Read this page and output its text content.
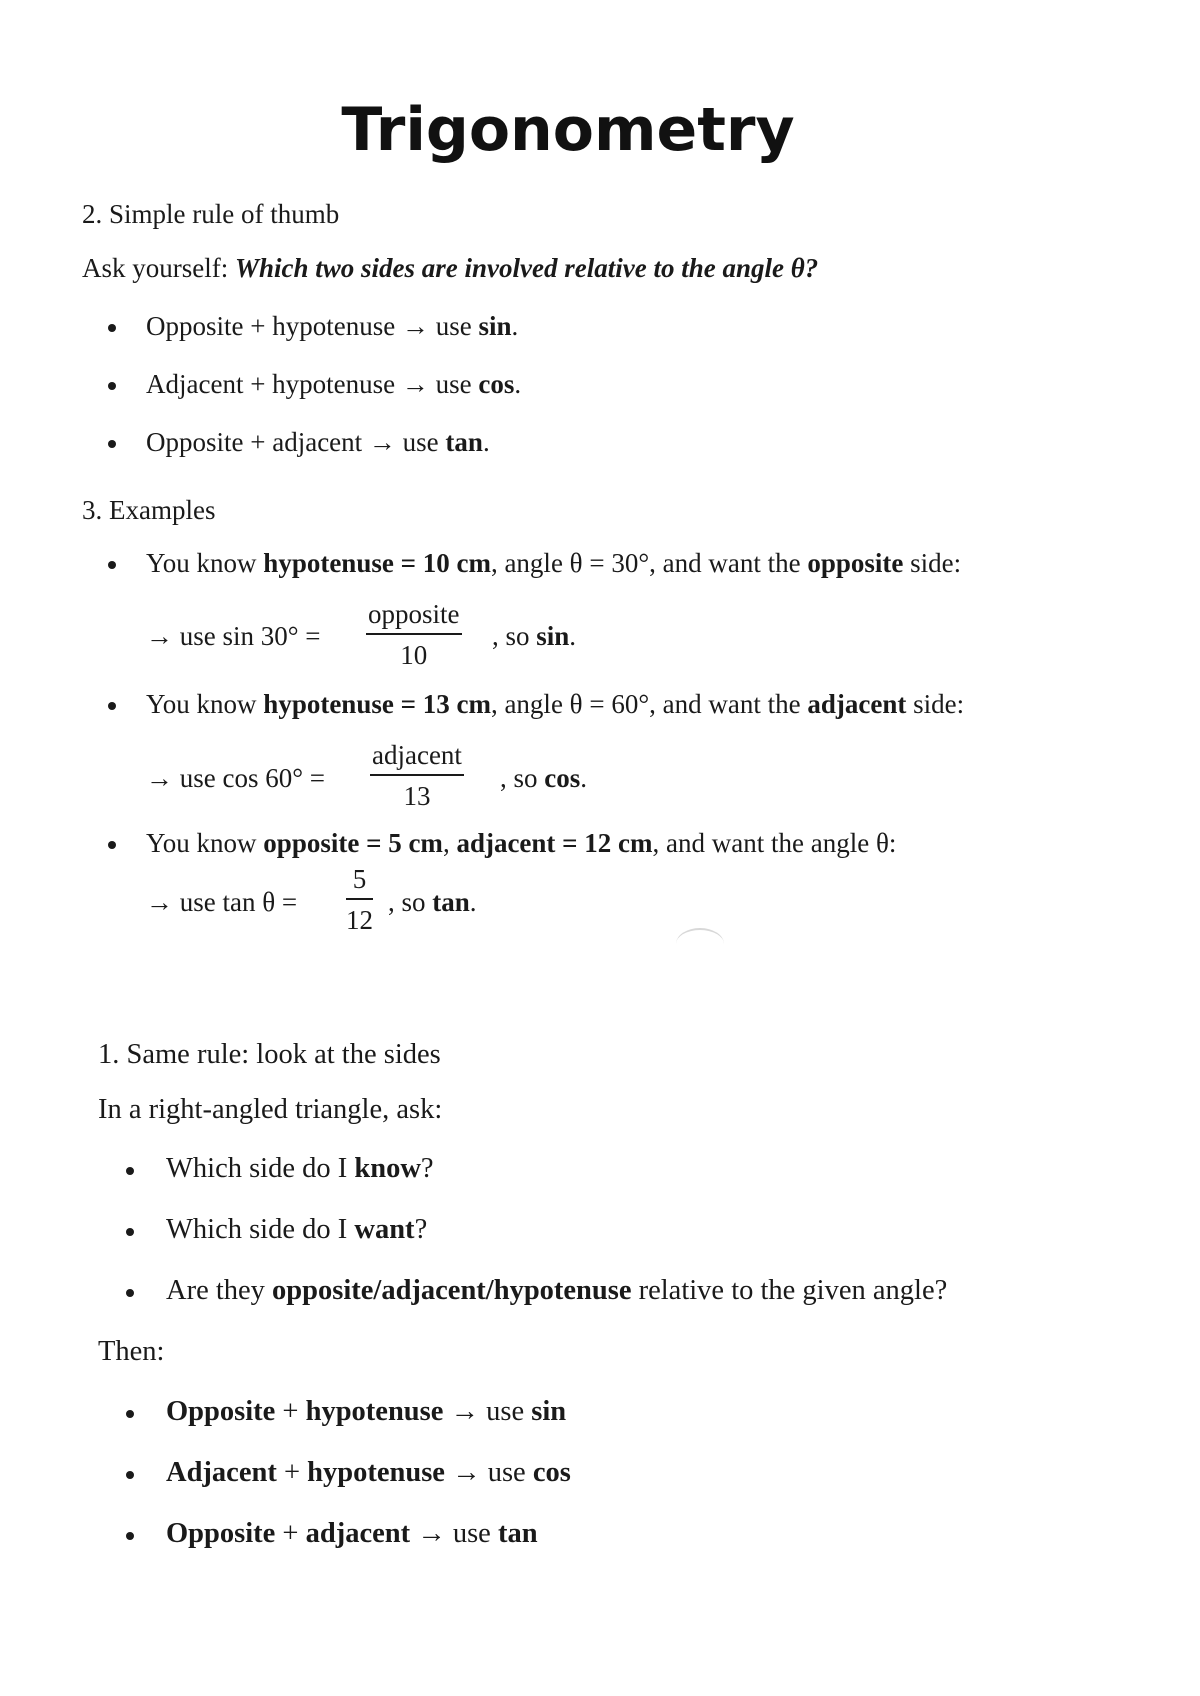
Trigonometry
2. Simple rule of thumb
Ask yourself: Which two sides are involved relative to the angle θ?
Opposite + hypotenuse → use sin.
Adjacent + hypotenuse → use cos.
Opposite + adjacent → use tan.
3. Examples
You know hypotenuse = 10 cm, angle θ = 30°, and want the opposite side:
→ use sin 30° =
opposite
10
, so sin.
You know hypotenuse = 13 cm, angle θ = 60°, and want the adjacent side:
→ use cos 60° =
adjacent
13
, so cos.
You know opposite = 5 cm, adjacent = 12 cm, and want the angle θ:
→ use tan θ =
5
12
, so tan.
1. Same rule: look at the sides
In a right-angled triangle, ask:
Which side do I know?
Which side do I want?
Are they opposite/adjacent/hypotenuse relative to the given angle?
Then:
Opposite + hypotenuse → use sin
Adjacent + hypotenuse → use cos
Opposite + adjacent → use tan
